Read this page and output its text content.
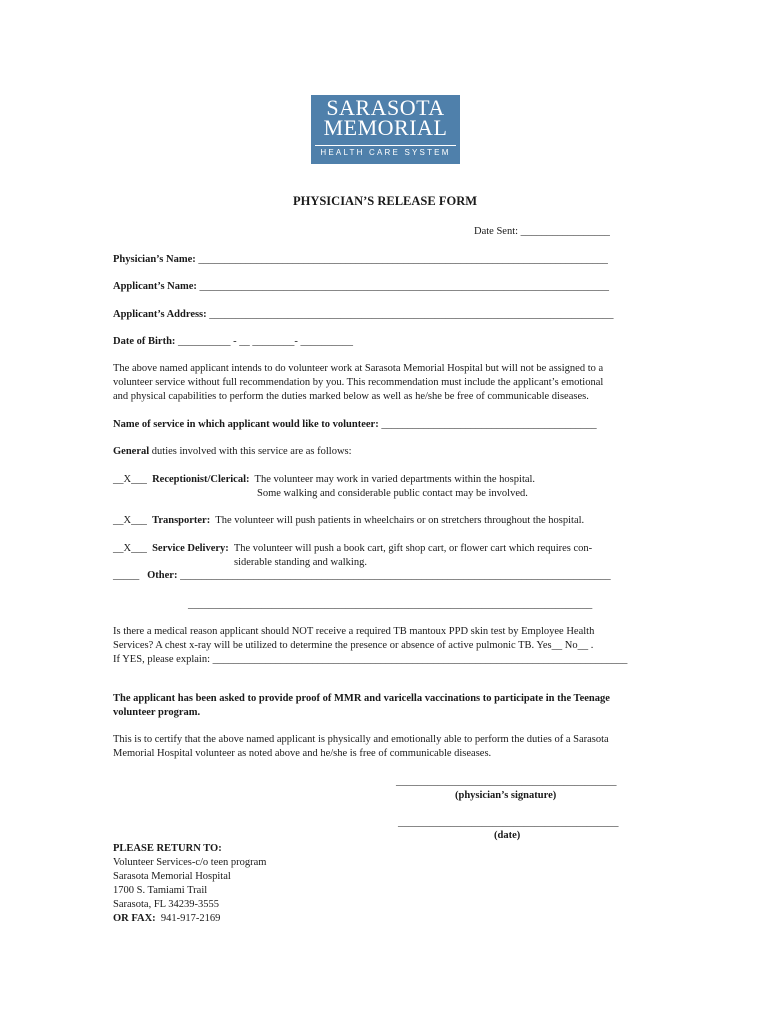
SARASOTA
MEMORIAL
HEALTH CARE SYSTEM
PHYSICIAN’S RELEASE FORM
Date Sent: _________________
Physician’s Name: ______________________________________________________________________________
Applicant’s Name: ______________________________________________________________________________
Applicant’s Address: _____________________________________________________________________________
Date of Birth: __________ - __ ________- __________
The above named applicant intends to do volunteer work at Sarasota Memorial Hospital but will not be assigned to a
volunteer service without full recommendation by you. This recommendation must include the applicant’s emotional
and physical capabilities to perform the duties marked below as well as he/she be free of communicable diseases.
Name of service in which applicant would like to volunteer: _________________________________________
General duties involved with this service are as follows:
__X___ Receptionist/Clerical: The volunteer may work in varied departments within the hospital.
Some walking and considerable public contact may be involved.
__X___ Transporter: The volunteer will push patients in wheelchairs or on stretchers throughout the hospital.
__X___ Service Delivery: The volunteer will push a book cart, gift shop cart, or flower cart which requires con-
siderable standing and walking.
_____ Other: __________________________________________________________________________________
_____________________________________________________________________________
Is there a medical reason applicant should NOT receive a required TB mantoux PPD skin test by Employee Health
Services? A chest x-ray will be utilized to determine the presence or absence of active pulmonic TB. Yes__ No__ .
If YES, please explain: _______________________________________________________________________________
The applicant has been asked to provide proof of MMR and varicella vaccinations to participate in the Teenage
volunteer program.
This is to certify that the above named applicant is physically and emotionally able to perform the duties of a Sarasota
Memorial Hospital volunteer as noted above and he/she is free of communicable diseases.
__________________________________________
(physician’s signature)
__________________________________________
(date)
PLEASE RETURN TO:
Volunteer Services-c/o teen program
Sarasota Memorial Hospital
1700 S. Tamiami Trail
Sarasota, FL 34239-3555
OR FAX: 941-917-2169
